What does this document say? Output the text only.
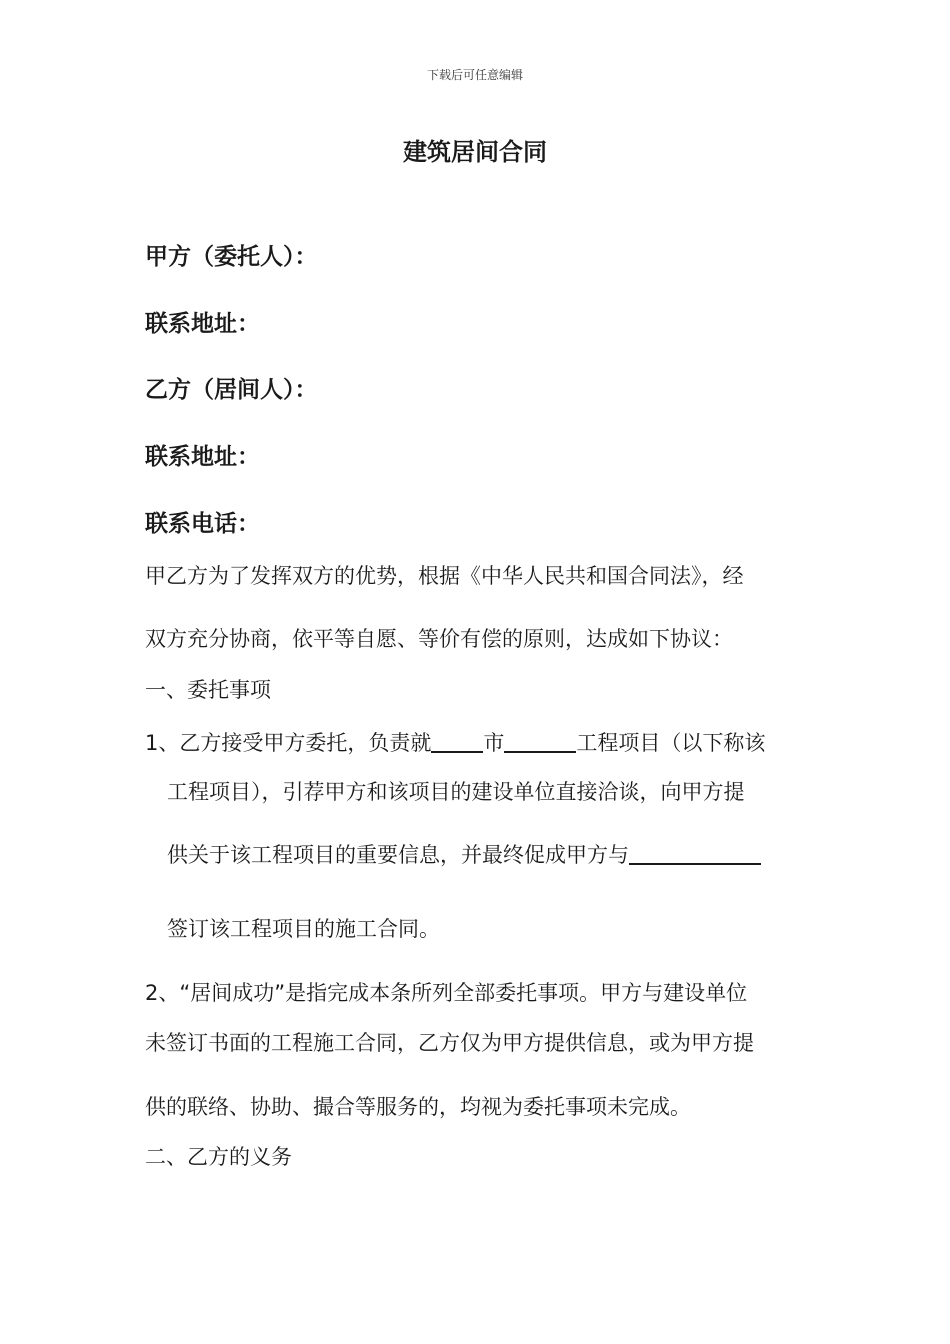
下载后可任意编辑
建筑居间合同
甲方（委托人）：
联系地址：
乙方（居间人）：
联系地址：
联系电话：
甲乙方为了发挥双方的优势，根据《中华人民共和国合同法》，经
双方充分协商，依平等自愿、等价有偿的原则，达成如下协议：
一、委托事项
1、乙方接受甲方委托，负责就 市	工程项目（以下称该
工程项目），引荐甲方和该项目的建设单位直接洽谈，向甲方提
供关于该工程项目的重要信息，并最终促成甲方与
签订该工程项目的施工合同。
2、“居间成功”是指完成本条所列全部委托事项。甲方与建设单位
未签订书面的工程施工合同，乙方仅为甲方提供信息，或为甲方提
供的联络、协助、撮合等服务的，均视为委托事项未完成。
二、乙方的义务
